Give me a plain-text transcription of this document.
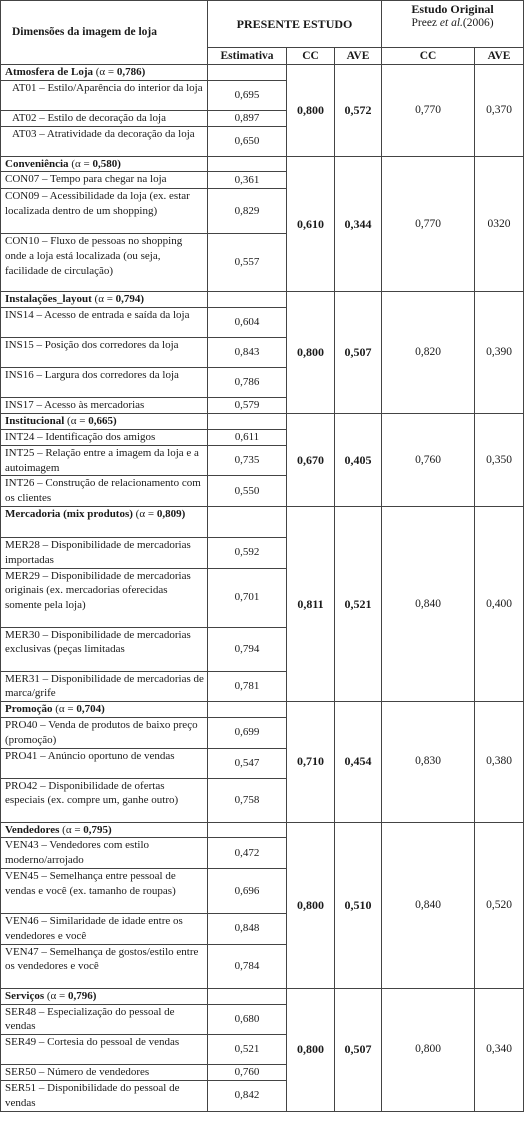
Dimensões da imagem de loja	PRESENTE ESTUDO			Estudo Original
Preez et al.(2006)	

	Estimativa	CC	AVE	CC	AVE
Atmosfera de Loja (α = 0,786)		0,800	0,572	0,770	0,370
AT01 – Estilo/Aparência do interior da loja	0,695				
AT02 – Estilo de decoração da loja	0,897				
AT03 – Atratividade da decoração da loja	0,650				
Conveniência (α = 0,580)		0,610	0,344	0,770	0320
CON07 – Tempo para chegar na loja	0,361				
CON09 – Acessibilidade da loja (ex. estar localizada dentro de um shopping)	0,829				
CON10 – Fluxo de pessoas no shopping onde a loja está localizada (ou seja, facilidade de circulação)	0,557				
Instalações_layout (α = 0,794)		0,800	0,507	0,820	0,390
INS14 – Acesso de entrada e saída da loja	0,604				
INS15 – Posição dos corredores da loja	0,843				
INS16 – Largura dos corredores da loja	0,786				
INS17 – Acesso às mercadorias	0,579				
Institucional (α = 0,665)		0,670	0,405	0,760	0,350
INT24 – Identificação dos amigos	0,611				
INT25 – Relação entre a imagem da loja e a autoimagem	0,735				
INT26 – Construção de relacionamento com os clientes	0,550				
Mercadoria (mix produtos) (α = 0,809)		0,811	0,521	0,840	0,400
MER28 – Disponibilidade de mercadorias importadas	0,592				
MER29 – Disponibilidade de mercadorias originais (ex. mercadorias oferecidas somente pela loja)	0,701				
MER30 – Disponibilidade de mercadorias exclusivas (peças limitadas	0,794				
MER31 – Disponibilidade de mercadorias de marca/grife	0,781				
Promoção (α = 0,704)		0,710	0,454	0,830	0,380
PRO40 – Venda de produtos de baixo preço (promoção)	0,699				
PRO41 – Anúncio oportuno de vendas	0,547				
PRO42 – Disponibilidade de ofertas especiais (ex. compre um, ganhe outro)	0,758				
Vendedores (α = 0,795)		0,800	0,510	0,840	0,520
VEN43 – Vendedores com estilo moderno/arrojado	0,472				
VEN45 – Semelhança entre pessoal de vendas e você (ex. tamanho de roupas)	0,696				
VEN46 – Similaridade de idade entre os vendedores e você	0,848				
VEN47 – Semelhança de gostos/estilo entre os vendedores e você	0,784				
Serviços (α = 0,796)		0,800	0,507	0,800	0,340
SER48 – Especialização do pessoal de vendas	0,680				
SER49 – Cortesia do pessoal de vendas	0,521				
SER50 – Número de vendedores	0,760				
SER51 – Disponibilidade do pessoal de vendas	0,842				
